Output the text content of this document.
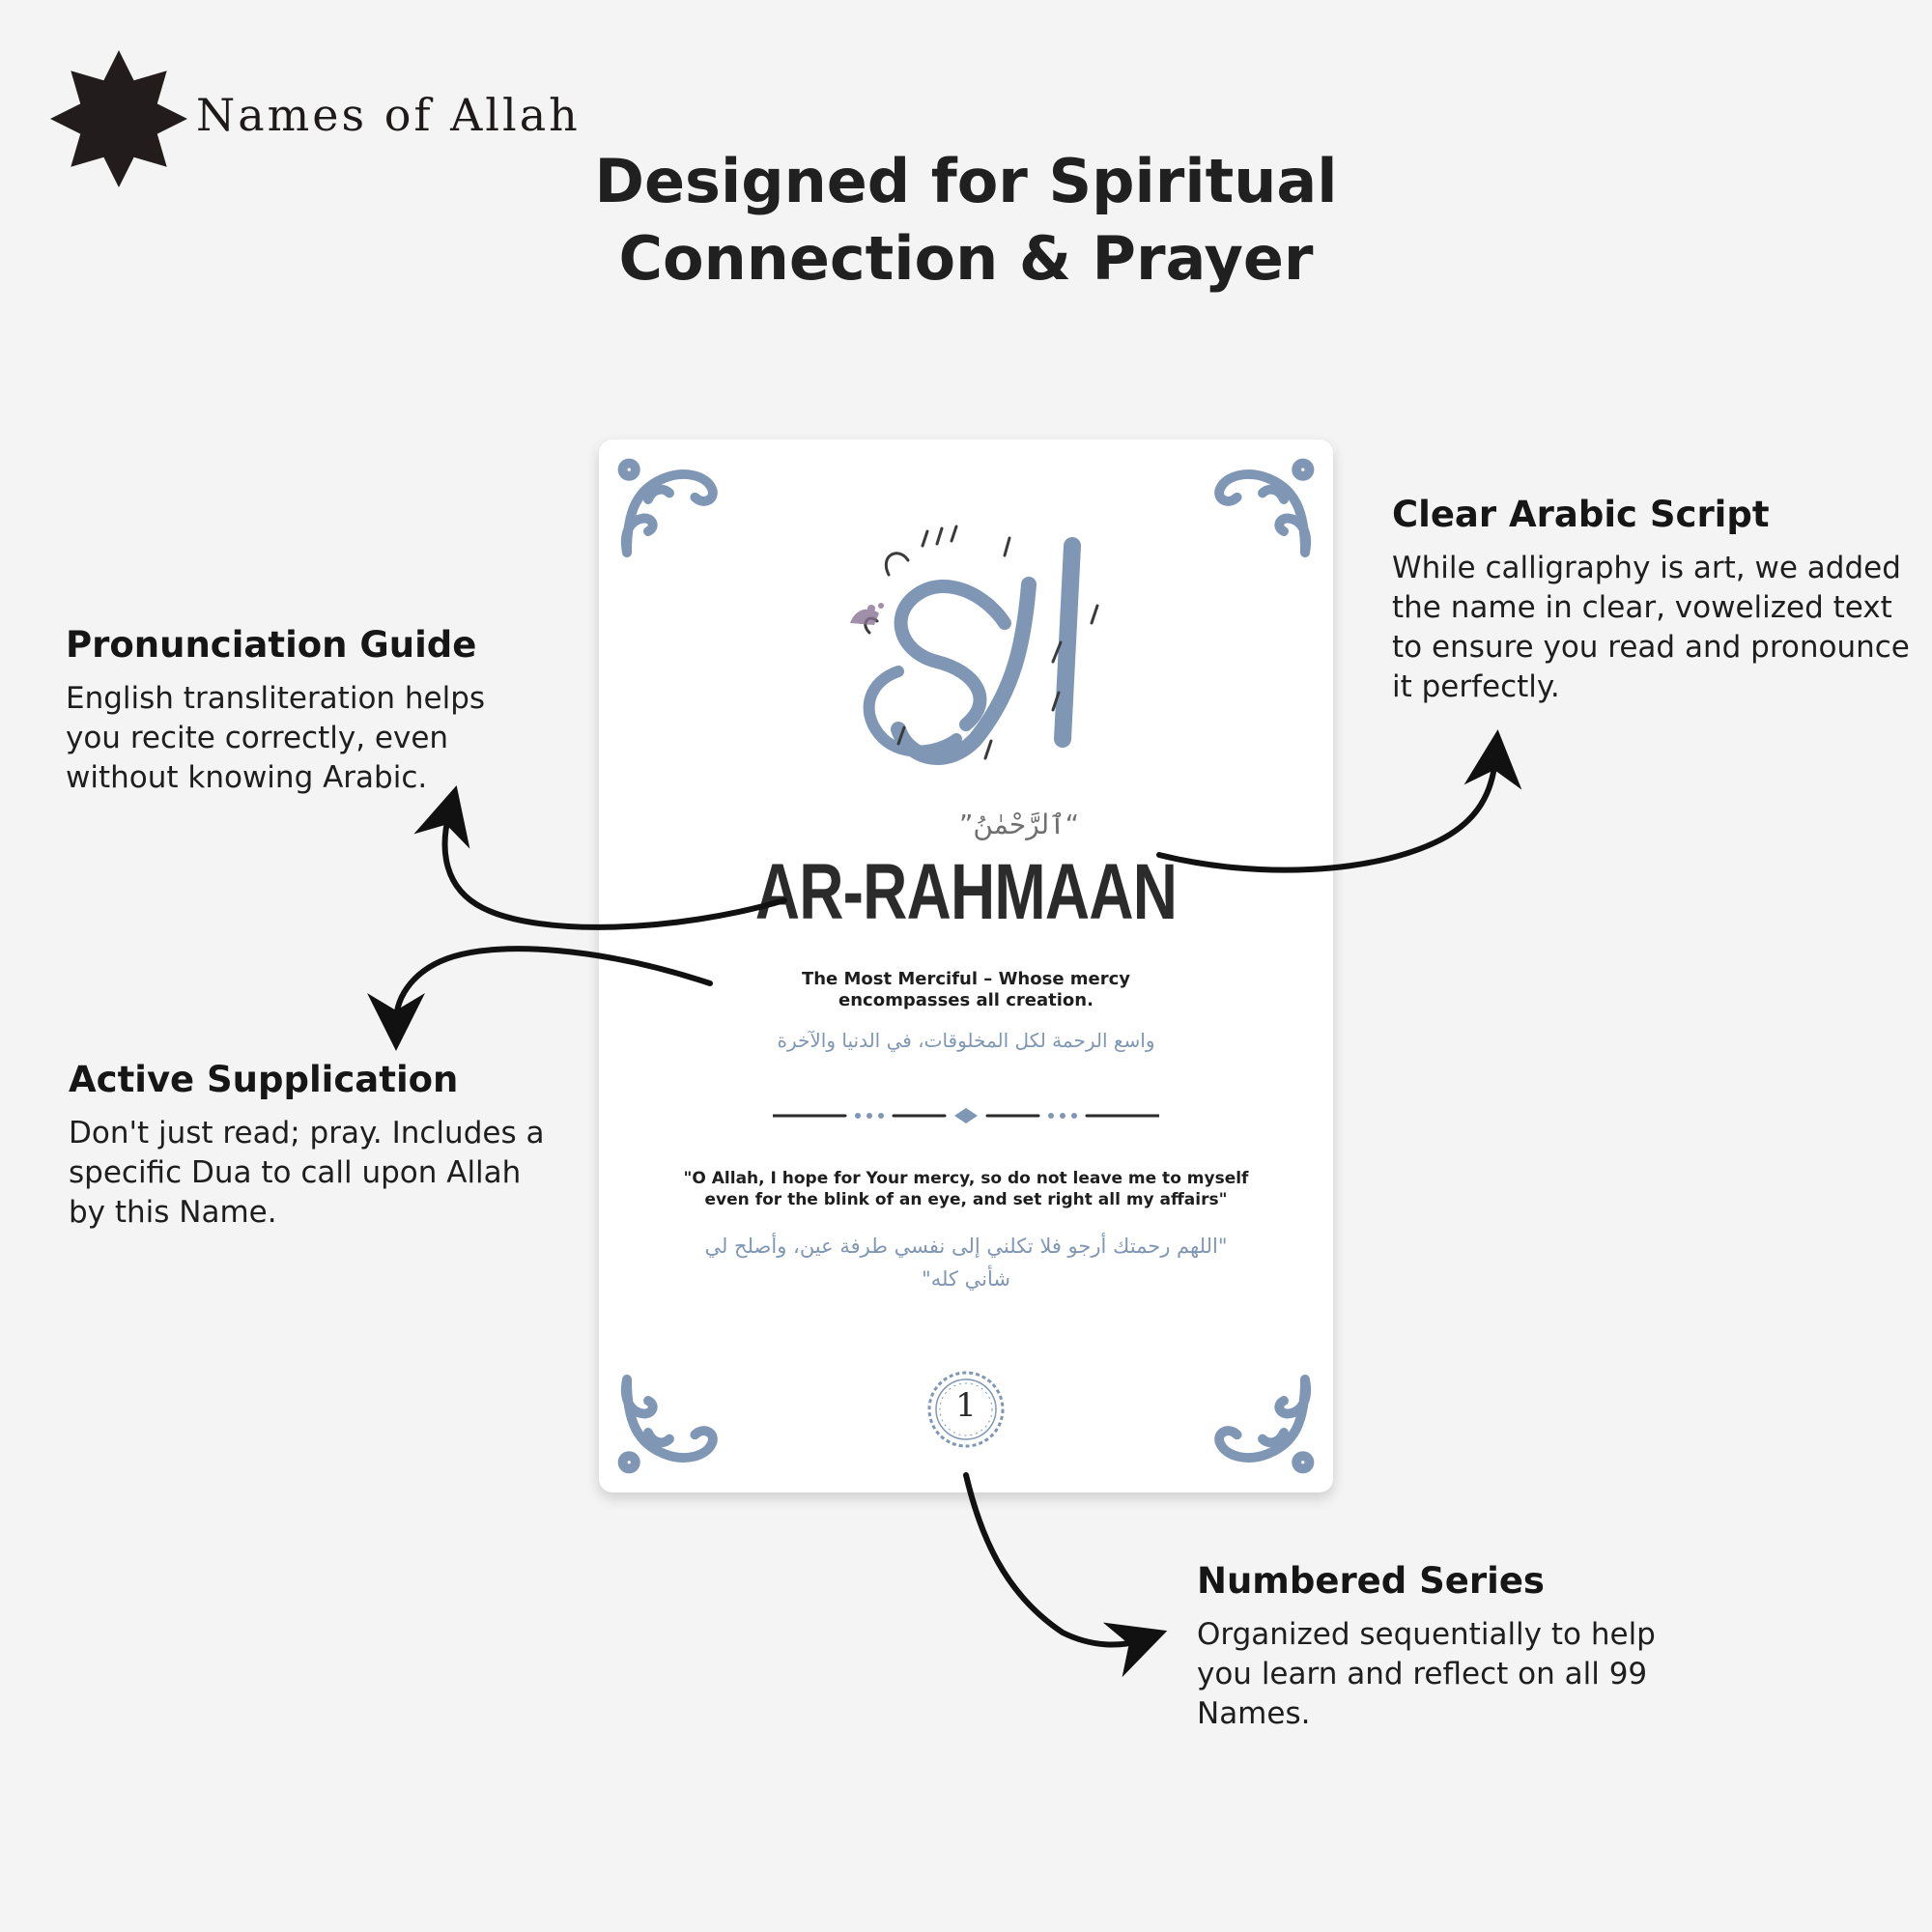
Names of Allah
Designed for Spiritual
Connection & Prayer
Pronunciation Guide
English transliteration helps you recite correctly, even without knowing Arabic.
Active Supplication
Don't just read; pray. Includes a specific Dua to call upon Allah by this Name.
Clear Arabic Script
While calligraphy is art, we added the name in clear, vowelized text to ensure you read and pronounce it perfectly.
Numbered Series
Organized sequentially to help you learn and reflect on all 99 Names.
“ٱلرَّحْمٰنُ”
AR-RAHMAAN
The Most Merciful – Whose mercy encompasses all creation.
واسع الرحمة لكل المخلوقات، في الدنيا والآخرة
"O Allah, I hope for Your mercy, so do not leave me to myself even for the blink of an eye, and set right all my affairs"
"اللهم رحمتك أرجو فلا تكلني إلى نفسي طرفة عين، وأصلح لي شأني كله"
1
